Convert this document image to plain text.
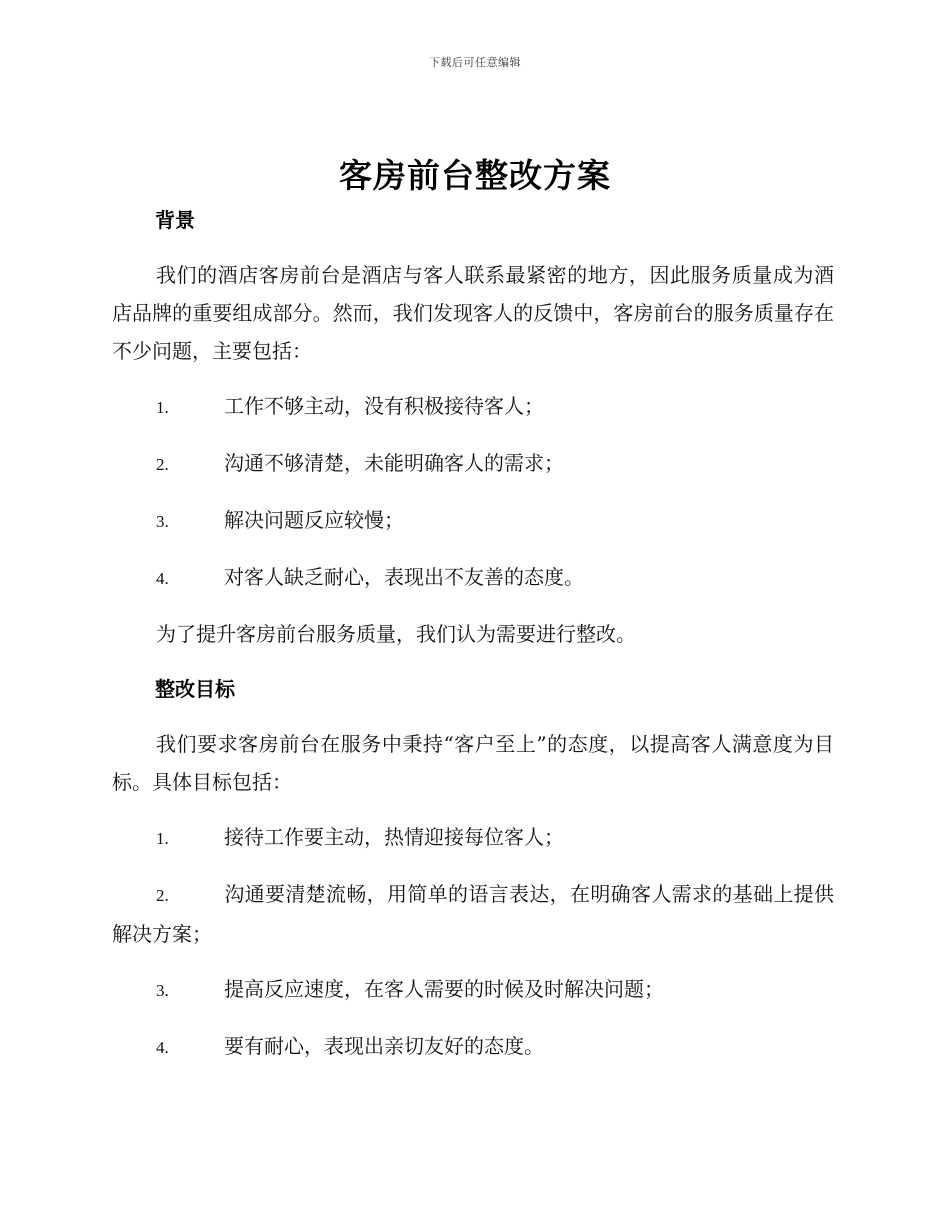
下载后可任意编辑
客房前台整改方案
背景

我们的酒店客房前台是酒店与客人联系最紧密的地方，因此服务质量成为酒店品牌的重要组成部分。然而，我们发现客人的反馈中，客房前台的服务质量存在不少问题，主要包括：

1.	工作不够主动，没有积极接待客人；

2.	沟通不够清楚，未能明确客人的需求；

3.	解决问题反应较慢；

4.	对客人缺乏耐心，表现出不友善的态度。

为了提升客房前台服务质量，我们认为需要进行整改。

整改目标

我们要求客房前台在服务中秉持“客户至上”的态度，以提高客人满意度为目标。具体目标包括：

1.	接待工作要主动，热情迎接每位客人；

2.	沟通要清楚流畅，用简单的语言表达，在明确客人需求的基础上提供解决方案；

3.	提高反应速度，在客人需要的时候及时解决问题；

4.	要有耐心，表现出亲切友好的态度。
